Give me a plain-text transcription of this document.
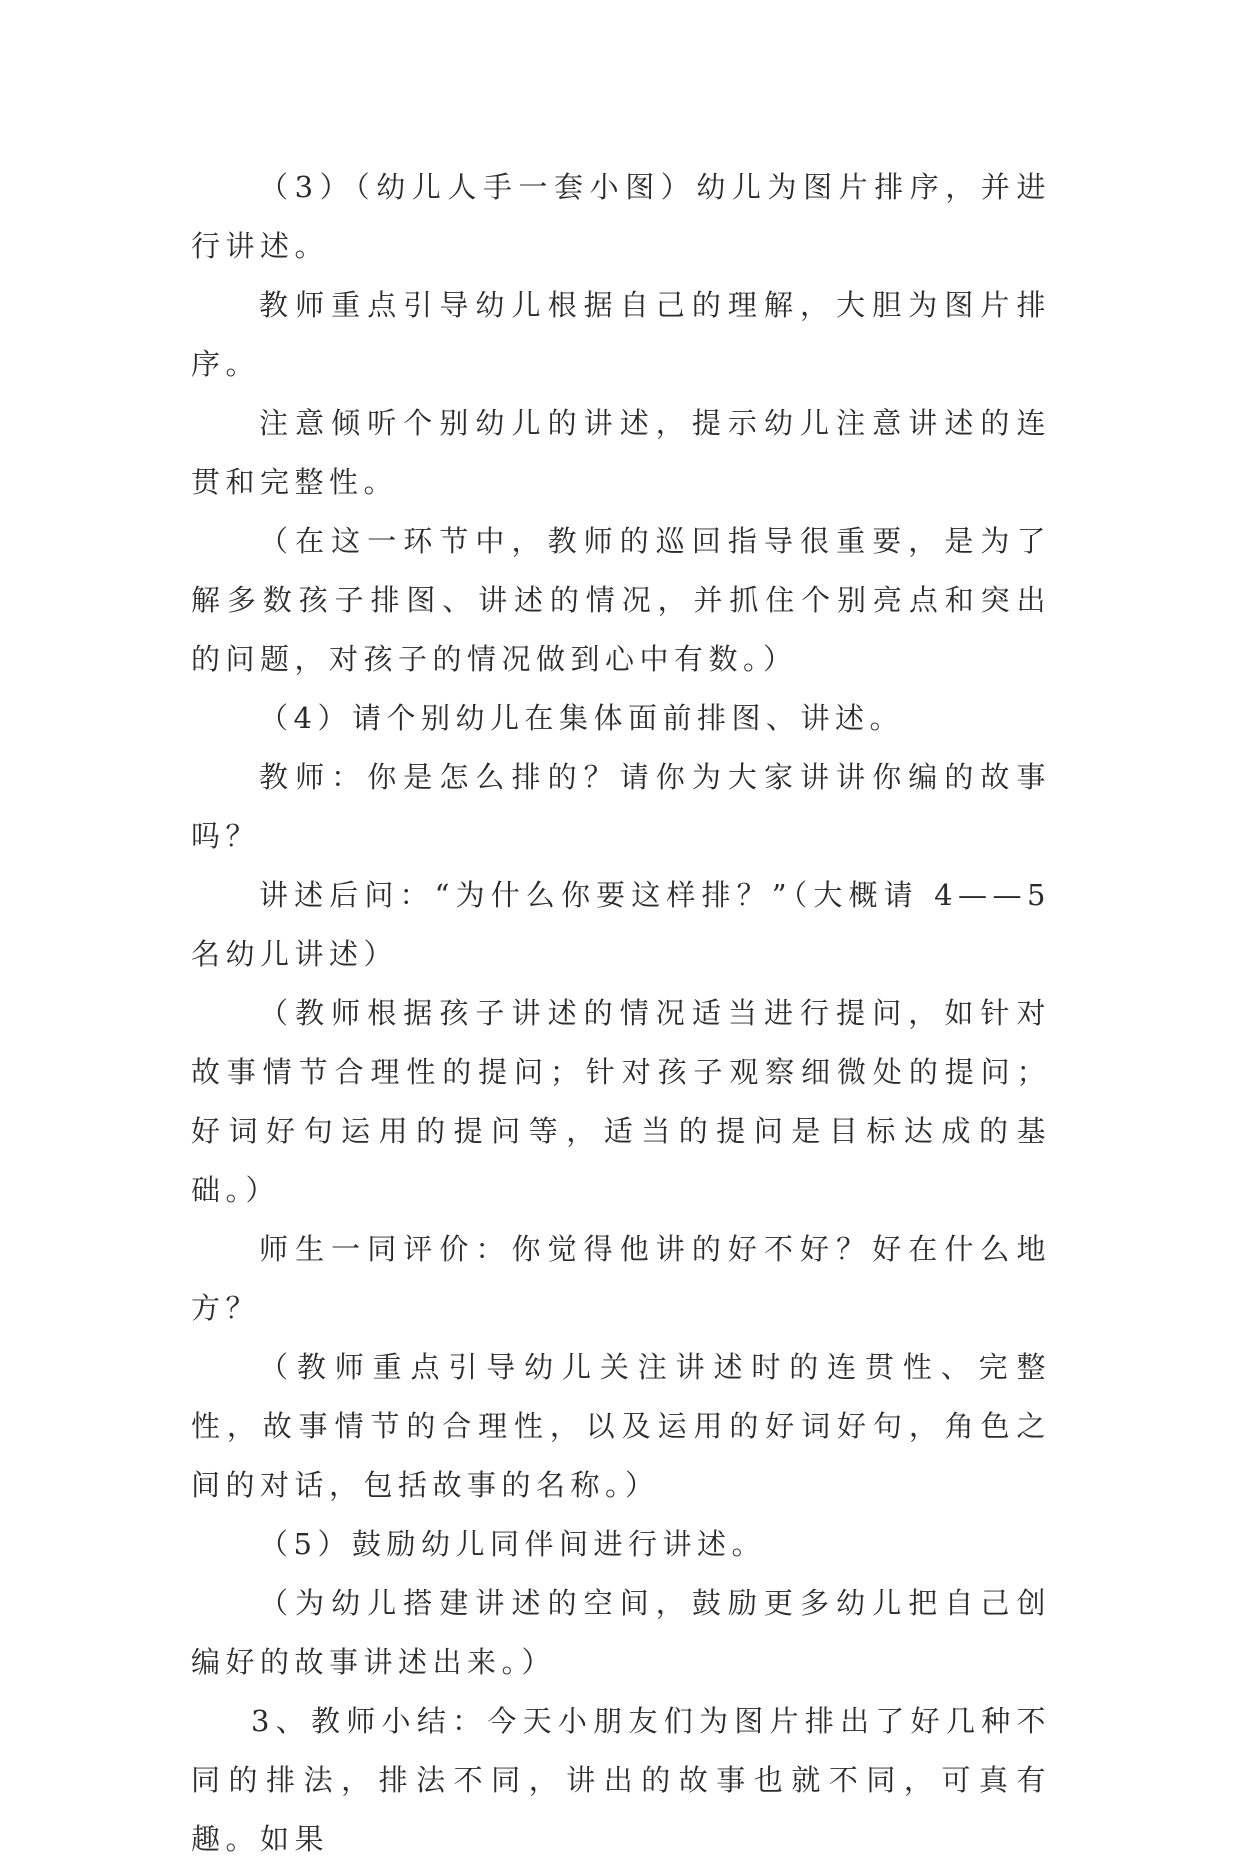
（3）（幼儿人手一套小图）幼儿为图片排序，并进行讲述。

教师重点引导幼儿根据自己的理解，大胆为图片排序。

注意倾听个别幼儿的讲述，提示幼儿注意讲述的连贯和完整性。

（在这一环节中，教师的巡回指导很重要，是为了解多数孩子排图、讲述的情况，并抓住个别亮点和突出的问题，对孩子的情况做到心中有数。）

（4）请个别幼儿在集体面前排图、讲述。

教师：你是怎么排的？请你为大家讲讲你编的故事吗？

讲述后问：“为什么你要这样排？”（大概请 4——5 名幼儿讲述）

（教师根据孩子讲述的情况适当进行提问，如针对故事情节合理性的提问；针对孩子观察细微处的提问；好词好句运用的提问等，适当的提问是目标达成的基础。）

师生一同评价：你觉得他讲的好不好？好在什么地方？

（教师重点引导幼儿关注讲述时的连贯性、完整性，故事情节的合理性，以及运用的好词好句，角色之间的对话，包括故事的名称。）

（5）鼓励幼儿同伴间进行讲述。

（为幼儿搭建讲述的空间，鼓励更多幼儿把自己创编好的故事讲述出来。）

3、教师小结：今天小朋友们为图片排出了好几种不同的排法，排法不同，讲出的故事也就不同，可真有趣。如果
